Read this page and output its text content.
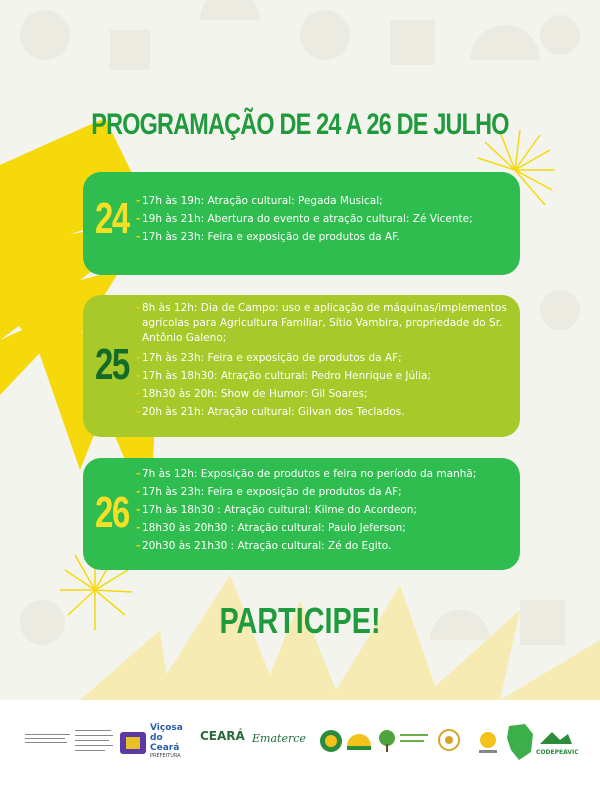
PROGRAMAÇÃO DE 24 A 26 DE JULHO
24
-	17h às 19h: Atração cultural: Pegada Musical;
- 19h às 21h: Abertura do evento e atração cultural: Zé Vicente;
- 17h às 23h: Feira e exposição de produtos da AF.
25
- 8h às 12h: Dia de Campo: uso e aplicação de máquinas/implementos agrícolas para Agricultura Familiar, Sítio Vambira, propriedade do Sr. Antônio Galeno;
- 17h às 23h: Feira e exposição de produtos da AF;
- 17h às 18h30: Atração cultural: Pedro Henrique e Júlia;
- 18h30 às 20h: Show de Humor: Gil Soares;
- 20h às 21h: Atração cultural: Gilvan dos Teclados.
26
- 7h às 12h: Exposição de produtos e feira no período da manhã;
- 17h às 23h: Feira e exposição de produtos da AF;
- 17h às 18h30 : Atração cultural: Kilme do Acordeon;
- 18h30 às 20h30 : Atração cultural: Paulo Jeferson;
- 20h30 às 21h30 : Atração cultural: Zé do Egito.
PARTICIPE!
Viçosa do Ceará
PREFEITURA
CEARÁ Ematerce
CODEPEAVIC
